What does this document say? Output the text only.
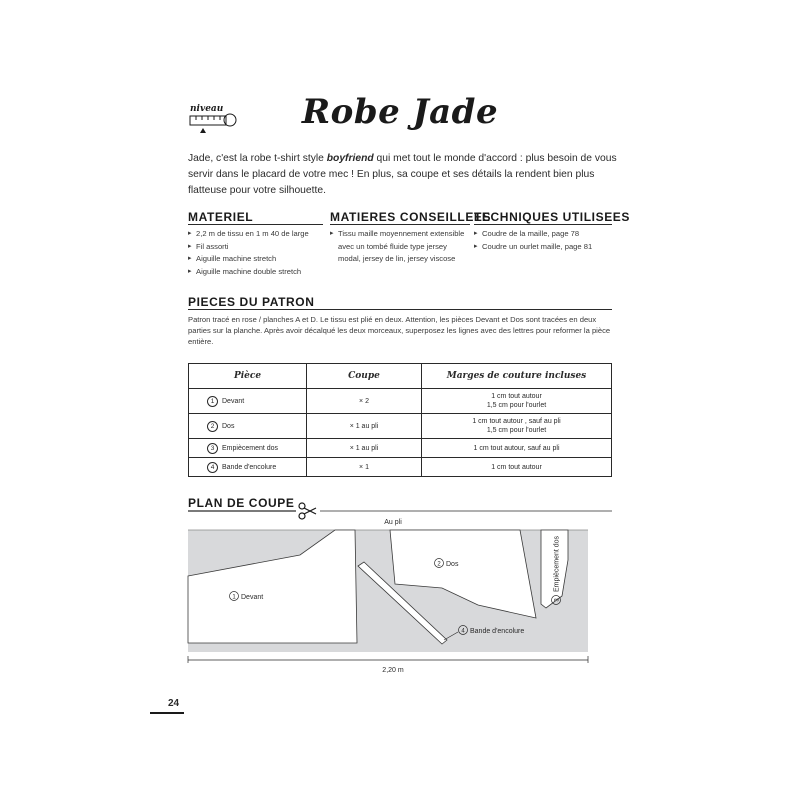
niveau	Robe Jade
Jade, c'est la robe t-shirt style boyfriend qui met tout le monde d'accord : plus besoin de vous servir dans le placard de votre mec ! En plus, sa coupe et ses détails la rendent bien plus flatteuse pour votre silhouette.
MATERIEL
▸ 2,2 m de tissu en 1 m 40 de large
▸ Fil assorti
▸ Aiguille machine stretch
▸ Aiguille machine double stretch
MATIERES CONSEILLEES
▸ Tissu maille moyennement extensible avec un tombé fluide type jersey modal, jersey de lin, jersey viscose
TECHNIQUES UTILISEES
▸ Coudre de la maille, page 78
▸ Coudre un ourlet maille, page 81
PIECES DU PATRON
Patron tracé en rose / planches A et D. Le tissu est plié en deux. Attention, les pièces Devant et Dos sont tracées en deux parties sur la planche. Après avoir décalqué les deux morceaux, superposez les lignes avec des lettres pour reformer la pièce entière.
Pièce	Coupe	Marges de couture incluses
1 Devant	× 2	1 cm tout autour
1,5 cm pour l'ourlet

2 Dos	× 1 au pli	1 cm tout autour , sauf au pli
1,5 cm pour l'ourlet

3 Empiècement dos	× 1 au pli	1 cm tout autour, sauf au pli
4 Bande d'encolure	× 1	1 cm tout autour
PLAN DE COUPE
Au pli
1 Devant
2 Dos
3
Empiècement dos
4 Bande d'encolure
2,20 m
24
